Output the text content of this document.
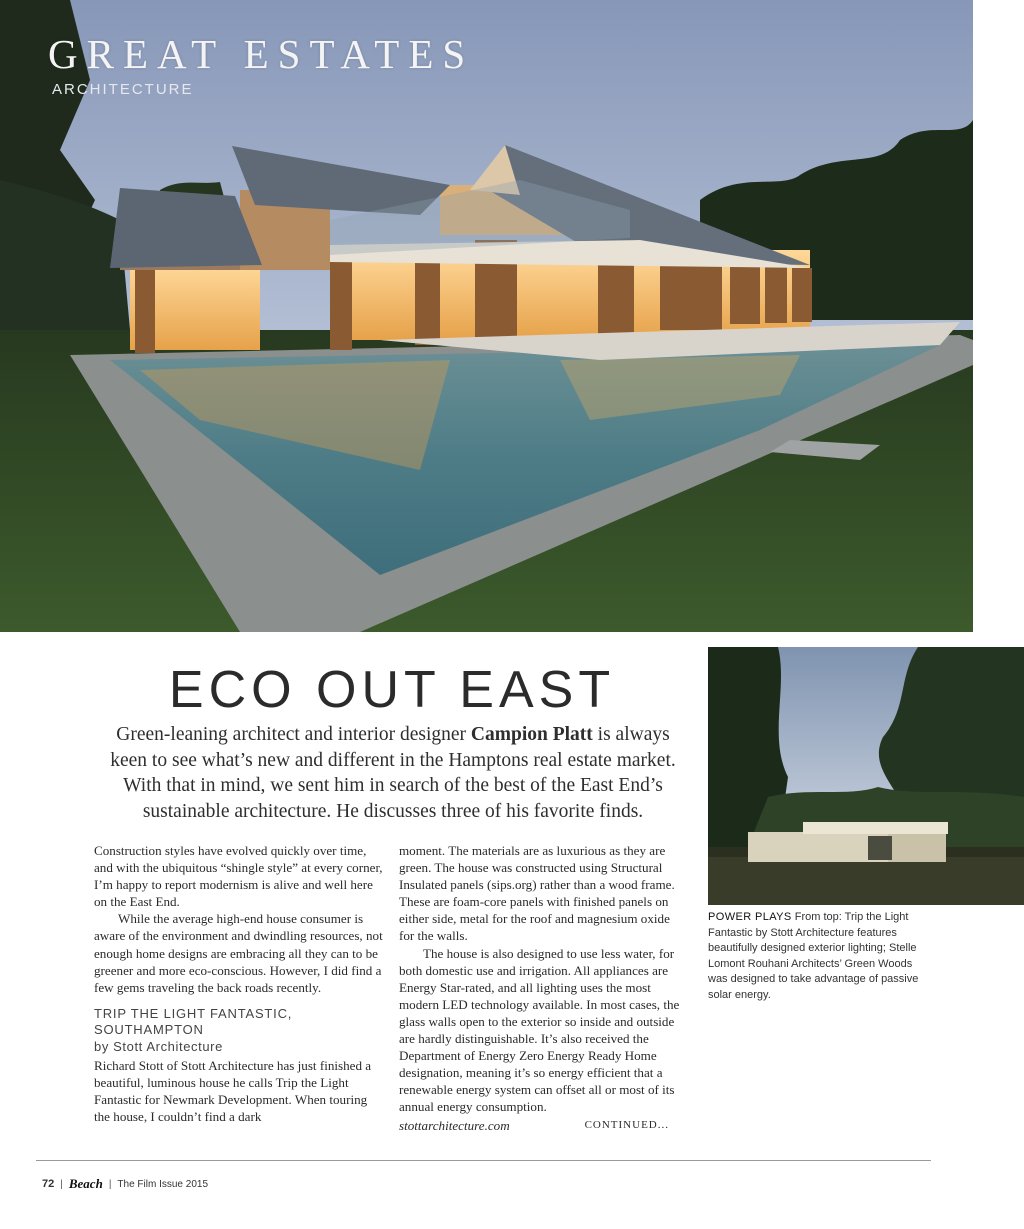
GREAT ESTATES
ARCHITECTURE
ECO OUT EAST

Green-leaning architect and interior designer Campion Platt is always keen to see what’s new and different in the Hamptons real estate market. With that in mind, we sent him in search of the best of the East End’s sustainable architecture. He discusses three of his favorite finds.

Construction styles have evolved quickly over time, and with the ubiquitous “shingle style” at every corner, I’m happy to report modernism is alive and well here on the East End.

While the average high-end house consumer is aware of the environment and dwindling resources, not enough home designs are embracing all they can to be greener and more eco-conscious. However, I did find a few gems traveling the back roads recently.

TRIP THE LIGHT FANTASTIC,
SOUTHAMPTON
by Stott Architecture

Richard Stott of Stott Architecture has just finished a beautiful, luminous house he calls Trip the Light Fantastic for Newmark Development. When touring the house, I couldn’t find a dark

moment. The materials are as luxurious as they are green. The house was constructed using Structural Insulated panels (sips.org) rather than a wood frame. These are foam-core panels with finished panels on either side, metal for the roof and magnesium oxide for the walls.

The house is also designed to use less water, for both domestic use and irrigation. All appliances are Energy Star-rated, and all lighting uses the most modern LED technology available. In most cases, the glass walls open to the exterior so inside and outside are hardly distinguishable. It’s also received the Department of Energy Zero Energy Ready Home designation, meaning it’s so energy efficient that a renewable energy system can offset all or most of its annual energy consumption.

stottarchitecture.com	CONTINUED...
POWER PLAYS From top: Trip the Light Fantastic by Stott Architecture features beautifully designed exterior lighting; Stelle Lomont Rouhani Architects’ Green Woods was designed to take advantage of passive solar energy.
72 | Beach | The Film Issue 2015
